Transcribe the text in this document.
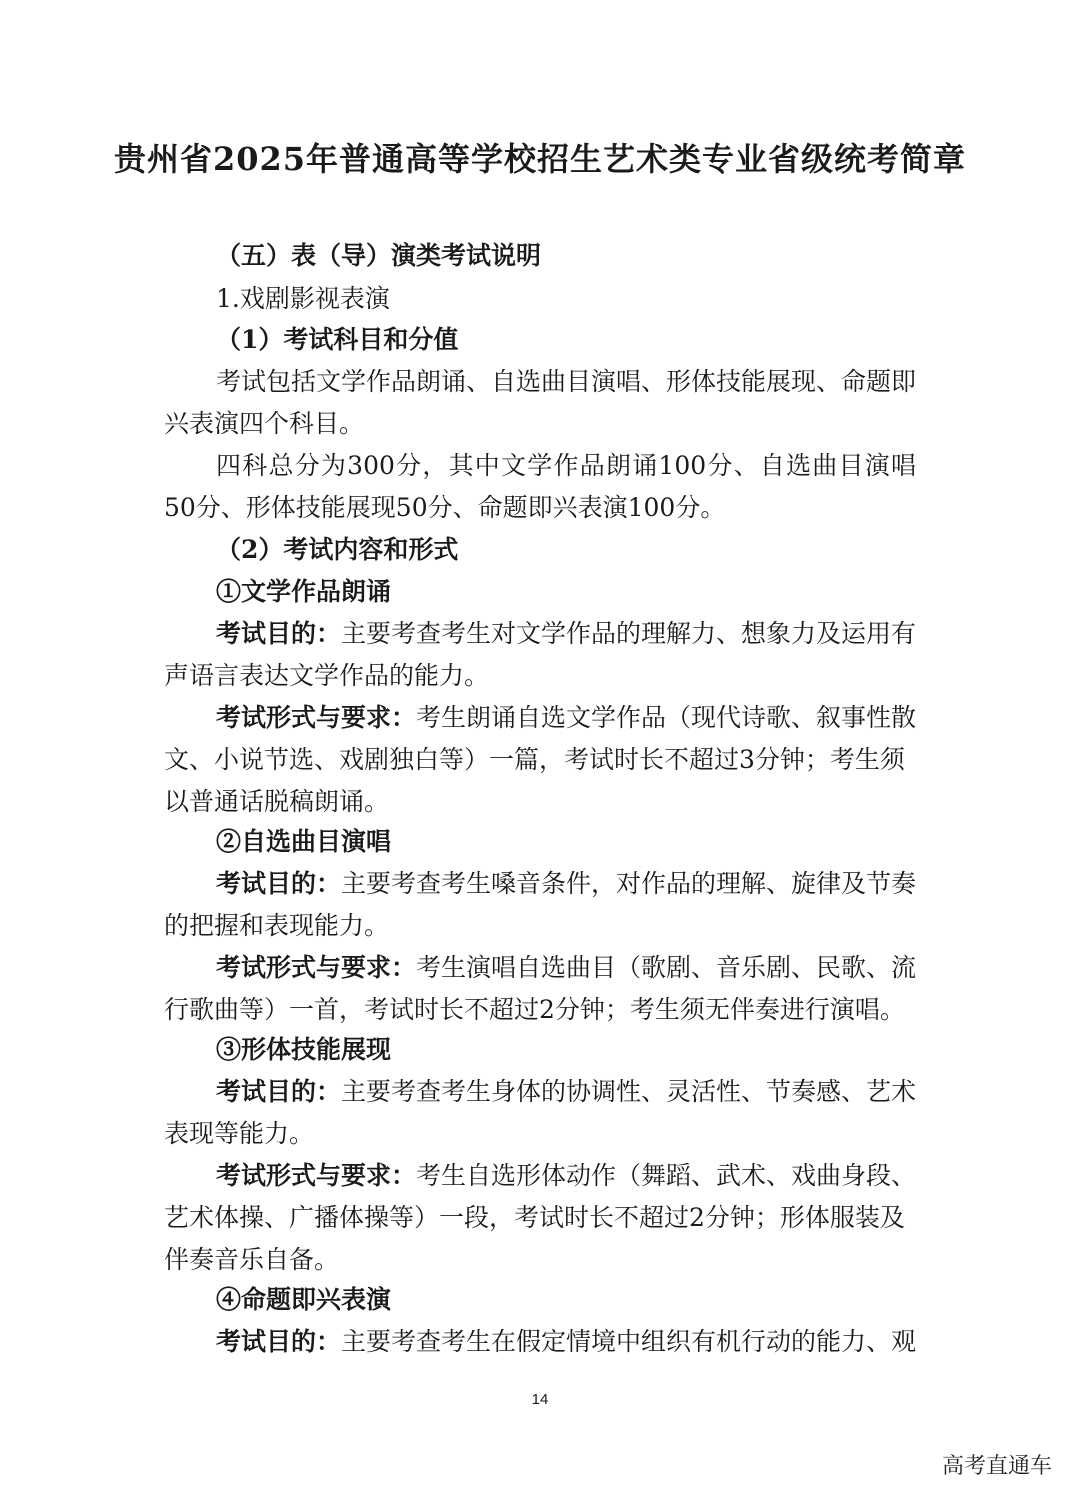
贵州省2025年普通高等学校招生艺术类专业省级统考简章
（五）表（导）演类考试说明
1.戏剧影视表演
（1）考试科目和分值
考试包括文学作品朗诵、自选曲目演唱、形体技能展现、命题即
兴表演四个科目。
四科总分为300分，其中文学作品朗诵100分、自选曲目演唱
50分、形体技能展现50分、命题即兴表演100分。
（2）考试内容和形式
①文学作品朗诵
考试目的：主要考查考生对文学作品的理解力、想象力及运用有
声语言表达文学作品的能力。
考试形式与要求：考生朗诵自选文学作品（现代诗歌、叙事性散
文、小说节选、戏剧独白等）一篇，考试时长不超过3分钟；考生须
以普通话脱稿朗诵。
②自选曲目演唱
考试目的：主要考查考生嗓音条件，对作品的理解、旋律及节奏
的把握和表现能力。
考试形式与要求：考生演唱自选曲目（歌剧、音乐剧、民歌、流
行歌曲等）一首，考试时长不超过2分钟；考生须无伴奏进行演唱。
③形体技能展现
考试目的：主要考查考生身体的协调性、灵活性、节奏感、艺术
表现等能力。
考试形式与要求：考生自选形体动作（舞蹈、武术、戏曲身段、
艺术体操、广播体操等）一段，考试时长不超过2分钟；形体服装及
伴奏音乐自备。
④命题即兴表演
考试目的：主要考查考生在假定情境中组织有机行动的能力、观
14
高考直通车
